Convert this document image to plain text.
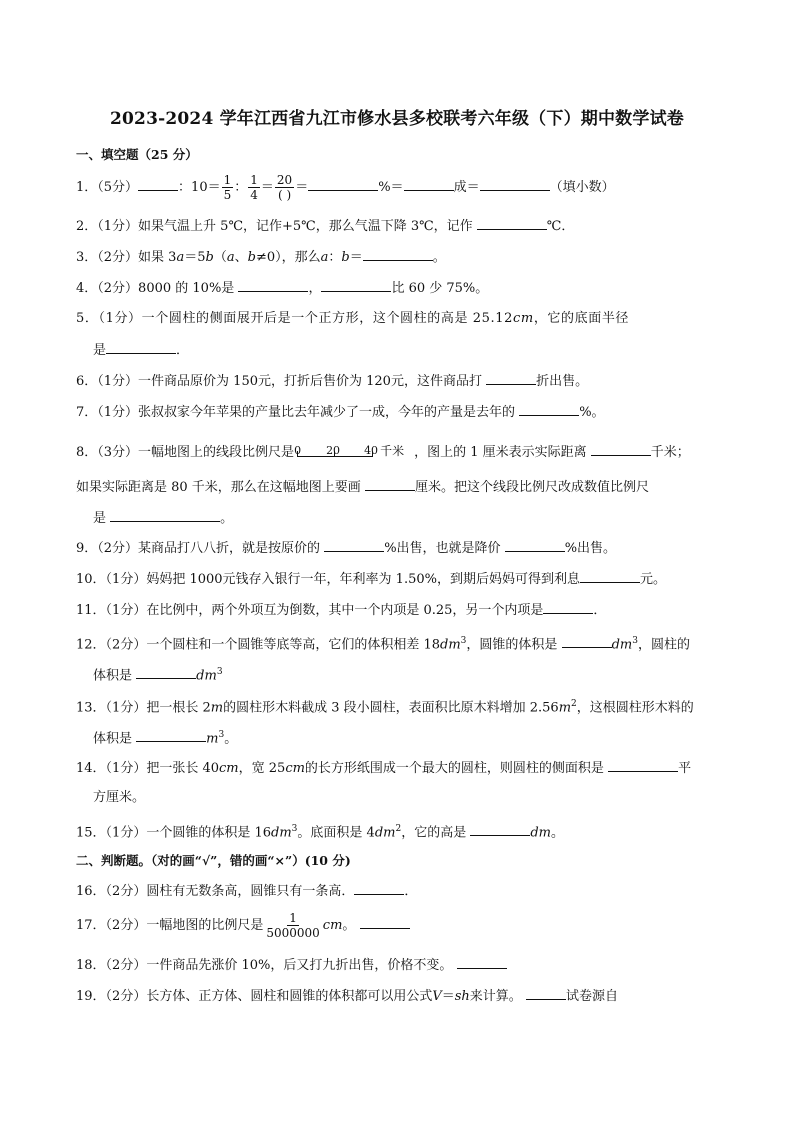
2023-2024 学年江西省九江市修水县多校联考六年级（下）期中数学试卷
一、填空题（25 分）
1．（5分）	：$10= \frac{1}{5}$ ： $\frac{1}{4} = \frac{20}{( )}$ ＝	%＝	成＝	（填小数）
2．（1分）如果气温上升 5℃，记作+5℃，那么气温下降 3℃，记作	℃．
3．（2分）如果 3a＝5b（a、b≠0），那么a：b＝	。
4．（2分）8000 的 10%是	，	比 60 少 75%。
5．（1分）一个圆柱的侧面展开后是一个正方形，这个圆柱的高是 25.12cm，它的底面半径
是	．
6．（1分）一件商品原价为 150元，打折后售价为 120元，这件商品打	折出售。
7．（1分）张叔叔家今年苹果的产量比去年减少了一成，今年的产量是去年的	%。
8．（3分）一幅地图上的线段比例尺是 0 20 40 千米 ，图上的 1 厘米表示实际距离	千米；
如果实际距离是 80 千米，那么在这幅地图上要画	厘米。把这个线段比例尺改成数值比例尺
是	。
9．（2分）某商品打八八折，就是按原价的	%出售，也就是降价	%出售。
10．（1分）妈妈把 1000元钱存入银行一年，年利率为 1.50%，到期后妈妈可得到利息	元。
11．（1分）在比例中，两个外项互为倒数，其中一个内项是 0.25，另一个内项是	．
12．（2分）一个圆柱和一个圆锥等底等高，它们的体积相差 $18dm^3$，圆锥的体积是	$dm^3$，圆柱的
体积是	$dm^3$
13．（1分）把一根长 2m的圆柱形木料截成 3 段小圆柱，表面积比原木料增加 $2.56m^2$，这根圆柱形木料的
体积是	$m^3$。
14．（1分）把一张长 40cm，宽 25cm的长方形纸围成一个最大的圆柱，则圆柱的侧面积是	平
方厘米。
15．（1分）一个圆锥的体积是 $16dm^3$。底面积是 $4dm^2$，它的高是	dm。
二、判断题。（对的画“√”，错的画“×”）(10 分)
16．（2分）圆柱有无数条高，圆锥只有一条高．	．
17．（2分）一幅地图的比例尺是 $\frac{1}{5000000}$ cm。
18．（2分）一件商品先涨价 10%，后又打九折出售，价格不变。
19．（2分）长方体、正方体、圆柱和圆锥的体积都可以用公式V＝sh来计算。	试卷源自
